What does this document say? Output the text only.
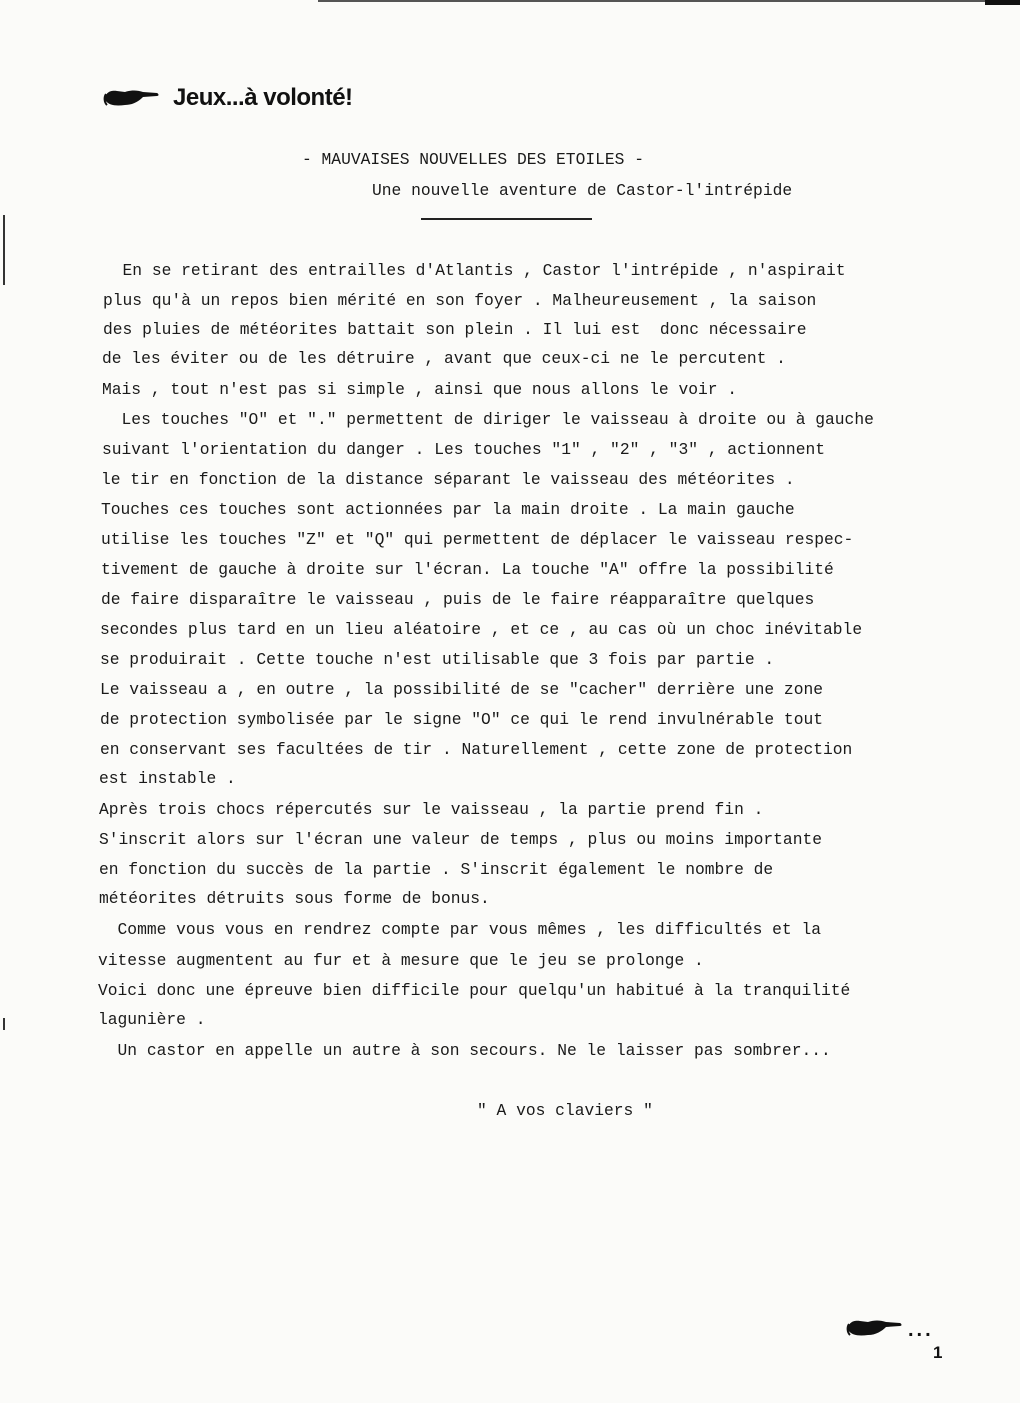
Jeux...à volonté!
- MAUVAISES NOUVELLES DES ETOILES -
Une nouvelle aventure de Castor-l'intrépide
En se retirant des entrailles d'Atlantis , Castor l'intrépide , n'aspirait
plus qu'à un repos bien mérité en son foyer . Malheureusement , la saison
des pluies de météorites battait son plein . Il lui est  donc nécessaire
de les éviter ou de les détruire , avant que ceux-ci ne le percutent .
Mais , tout n'est pas si simple , ainsi que nous allons le voir .
Les touches "O" et "." permettent de diriger le vaisseau à droite ou à gauche
suivant l'orientation du danger . Les touches "1" , "2" , "3" , actionnent
le tir en fonction de la distance séparant le vaisseau des météorites .
Touches ces touches sont actionnées par la main droite . La main gauche
utilise les touches "Z" et "Q" qui permettent de déplacer le vaisseau respec-
tivement de gauche à droite sur l'écran. La touche "A" offre la possibilité
de faire disparaître le vaisseau , puis de le faire réapparaître quelques
secondes plus tard en un lieu aléatoire , et ce , au cas où un choc inévitable
se produirait . Cette touche n'est utilisable que 3 fois par partie .
Le vaisseau a , en outre , la possibilité de se "cacher" derrière une zone
de protection symbolisée par le signe "O" ce qui le rend invulnérable tout
en conservant ses facultées de tir . Naturellement , cette zone de protection
est instable .
Après trois chocs répercutés sur le vaisseau , la partie prend fin .
S'inscrit alors sur l'écran une valeur de temps , plus ou moins importante
en fonction du succès de la partie . S'inscrit également le nombre de
météorites détruits sous forme de bonus.
Comme vous vous en rendrez compte par vous mêmes , les difficultés et la
vitesse augmentent au fur et à mesure que le jeu se prolonge .
Voici donc une épreuve bien difficile pour quelqu'un habitué à la tranquilité
lagunière .
Un castor en appelle un autre à son secours. Ne le laisser pas sombrer...
" A vos claviers "
...
1
